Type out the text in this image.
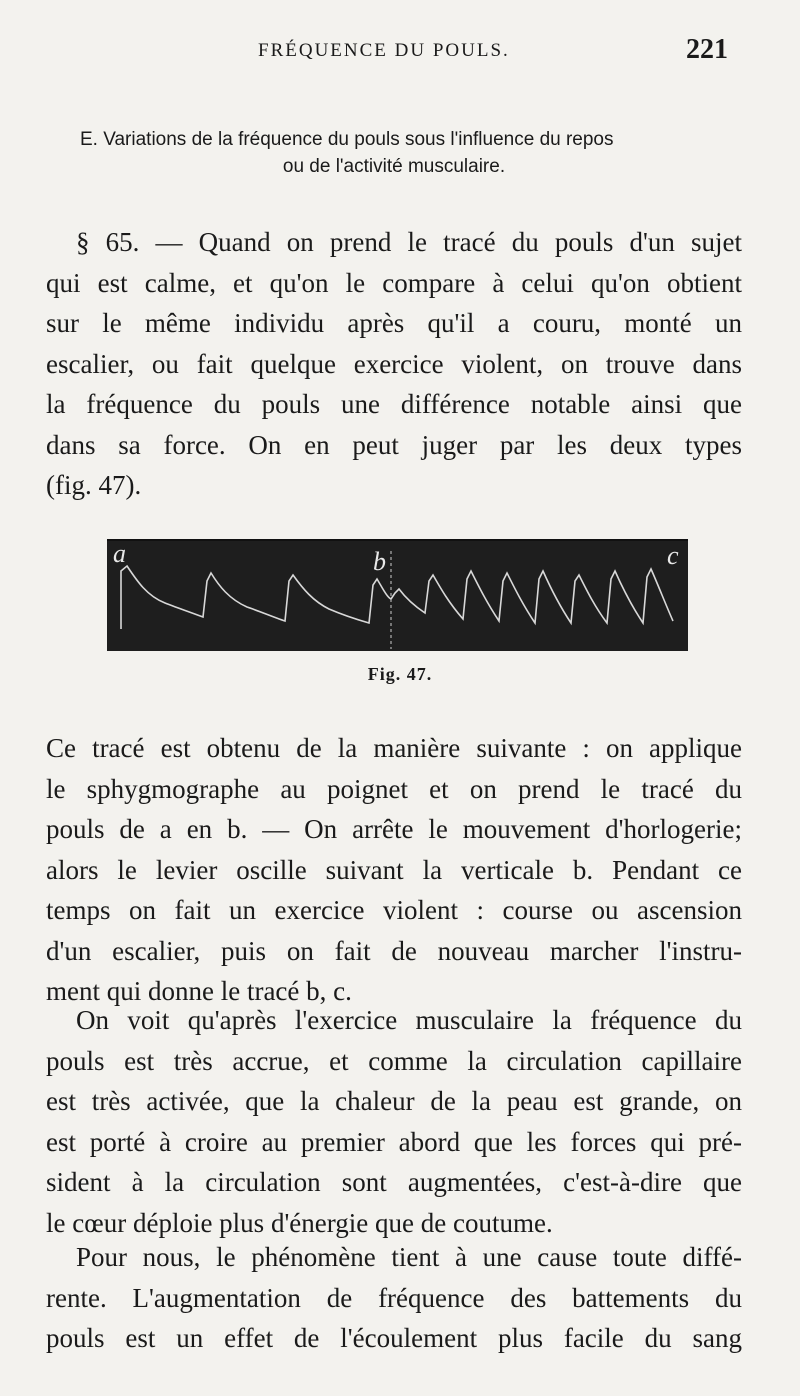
FRÉQUENCE DU POULS.	221
E. Variations de la fréquence du pouls sous l'influence du repos
ou de l'activité musculaire.
§ 65. — Quand on prend le tracé du pouls d'un sujet
qui est calme, et qu'on le compare à celui qu'on obtient
sur le même individu après qu'il a couru, monté un
escalier, ou fait quelque exercice violent, on trouve dans
la fréquence du pouls une différence notable ainsi que
dans sa force. On en peut juger par les deux types
(fig. 47).
a	b	c
Fig. 47.
Ce tracé est obtenu de la manière suivante : on applique
le sphygmographe au poignet et on prend le tracé du
pouls de a en b. — On arrête le mouvement d'horlogerie;
alors le levier oscille suivant la verticale b. Pendant ce
temps on fait un exercice violent : course ou ascension
d'un escalier, puis on fait de nouveau marcher l'instru-
ment qui donne le tracé b, c.
On voit qu'après l'exercice musculaire la fréquence du
pouls est très accrue, et comme la circulation capillaire
est très activée, que la chaleur de la peau est grande, on
est porté à croire au premier abord que les forces qui pré-
sident à la circulation sont augmentées, c'est-à-dire que
le cœur déploie plus d'énergie que de coutume.
Pour nous, le phénomène tient à une cause toute diffé-
rente. L'augmentation de fréquence des battements du
pouls est un effet de l'écoulement plus facile du sang
